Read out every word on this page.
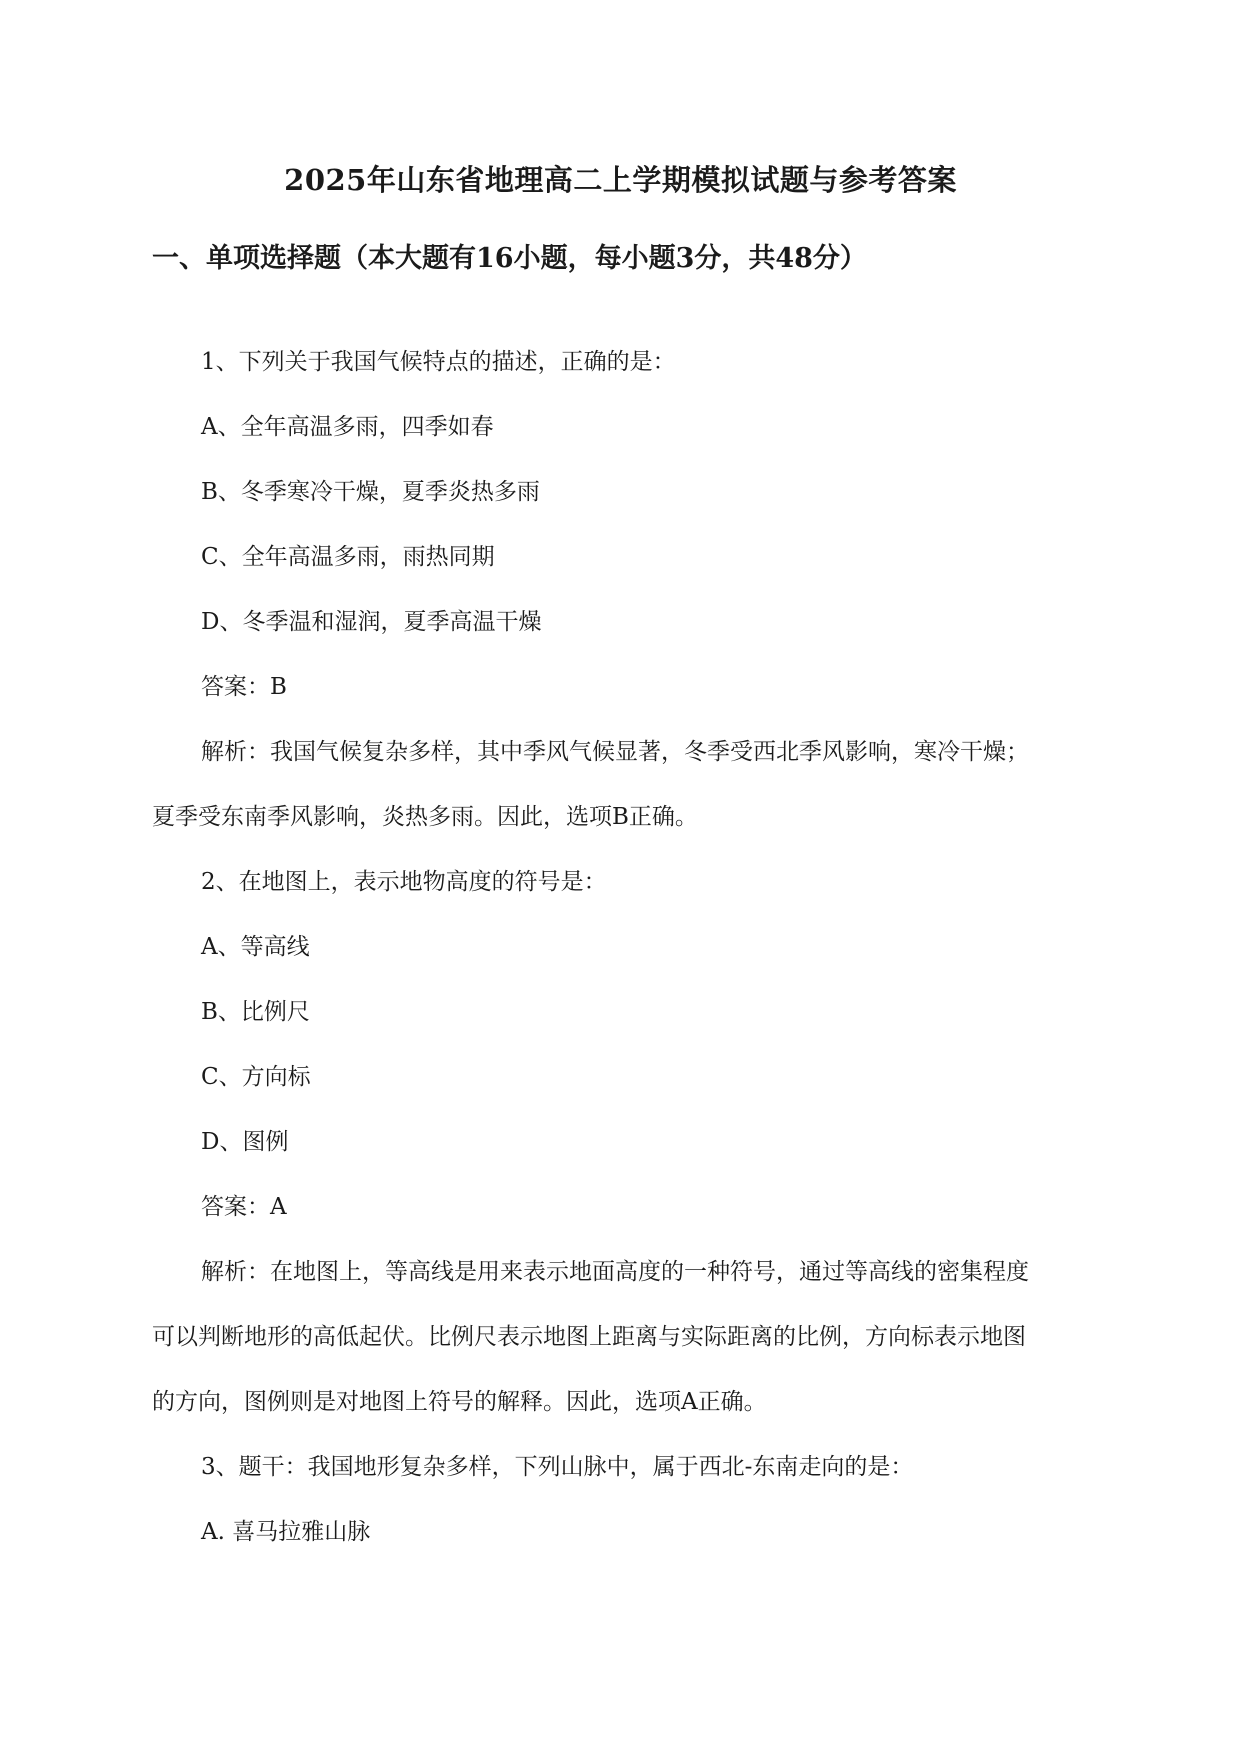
2025年山东省地理高二上学期模拟试题与参考答案
一、单项选择题（本大题有16小题，每小题3分，共48分）
1、下列关于我国气候特点的描述，正确的是：
A、全年高温多雨，四季如春
B、冬季寒冷干燥，夏季炎热多雨
C、全年高温多雨，雨热同期
D、冬季温和湿润，夏季高温干燥
答案：B
解析：我国气候复杂多样，其中季风气候显著，冬季受西北季风影响，寒冷干燥；
夏季受东南季风影响，炎热多雨。因此，选项B正确。
2、在地图上，表示地物高度的符号是：
A、等高线
B、比例尺
C、方向标
D、图例
答案：A
解析：在地图上，等高线是用来表示地面高度的一种符号，通过等高线的密集程度
可以判断地形的高低起伏。比例尺表示地图上距离与实际距离的比例，方向标表示地图
的方向，图例则是对地图上符号的解释。因此，选项A正确。
3、题干：我国地形复杂多样，下列山脉中，属于西北-东南走向的是：
A. 喜马拉雅山脉
